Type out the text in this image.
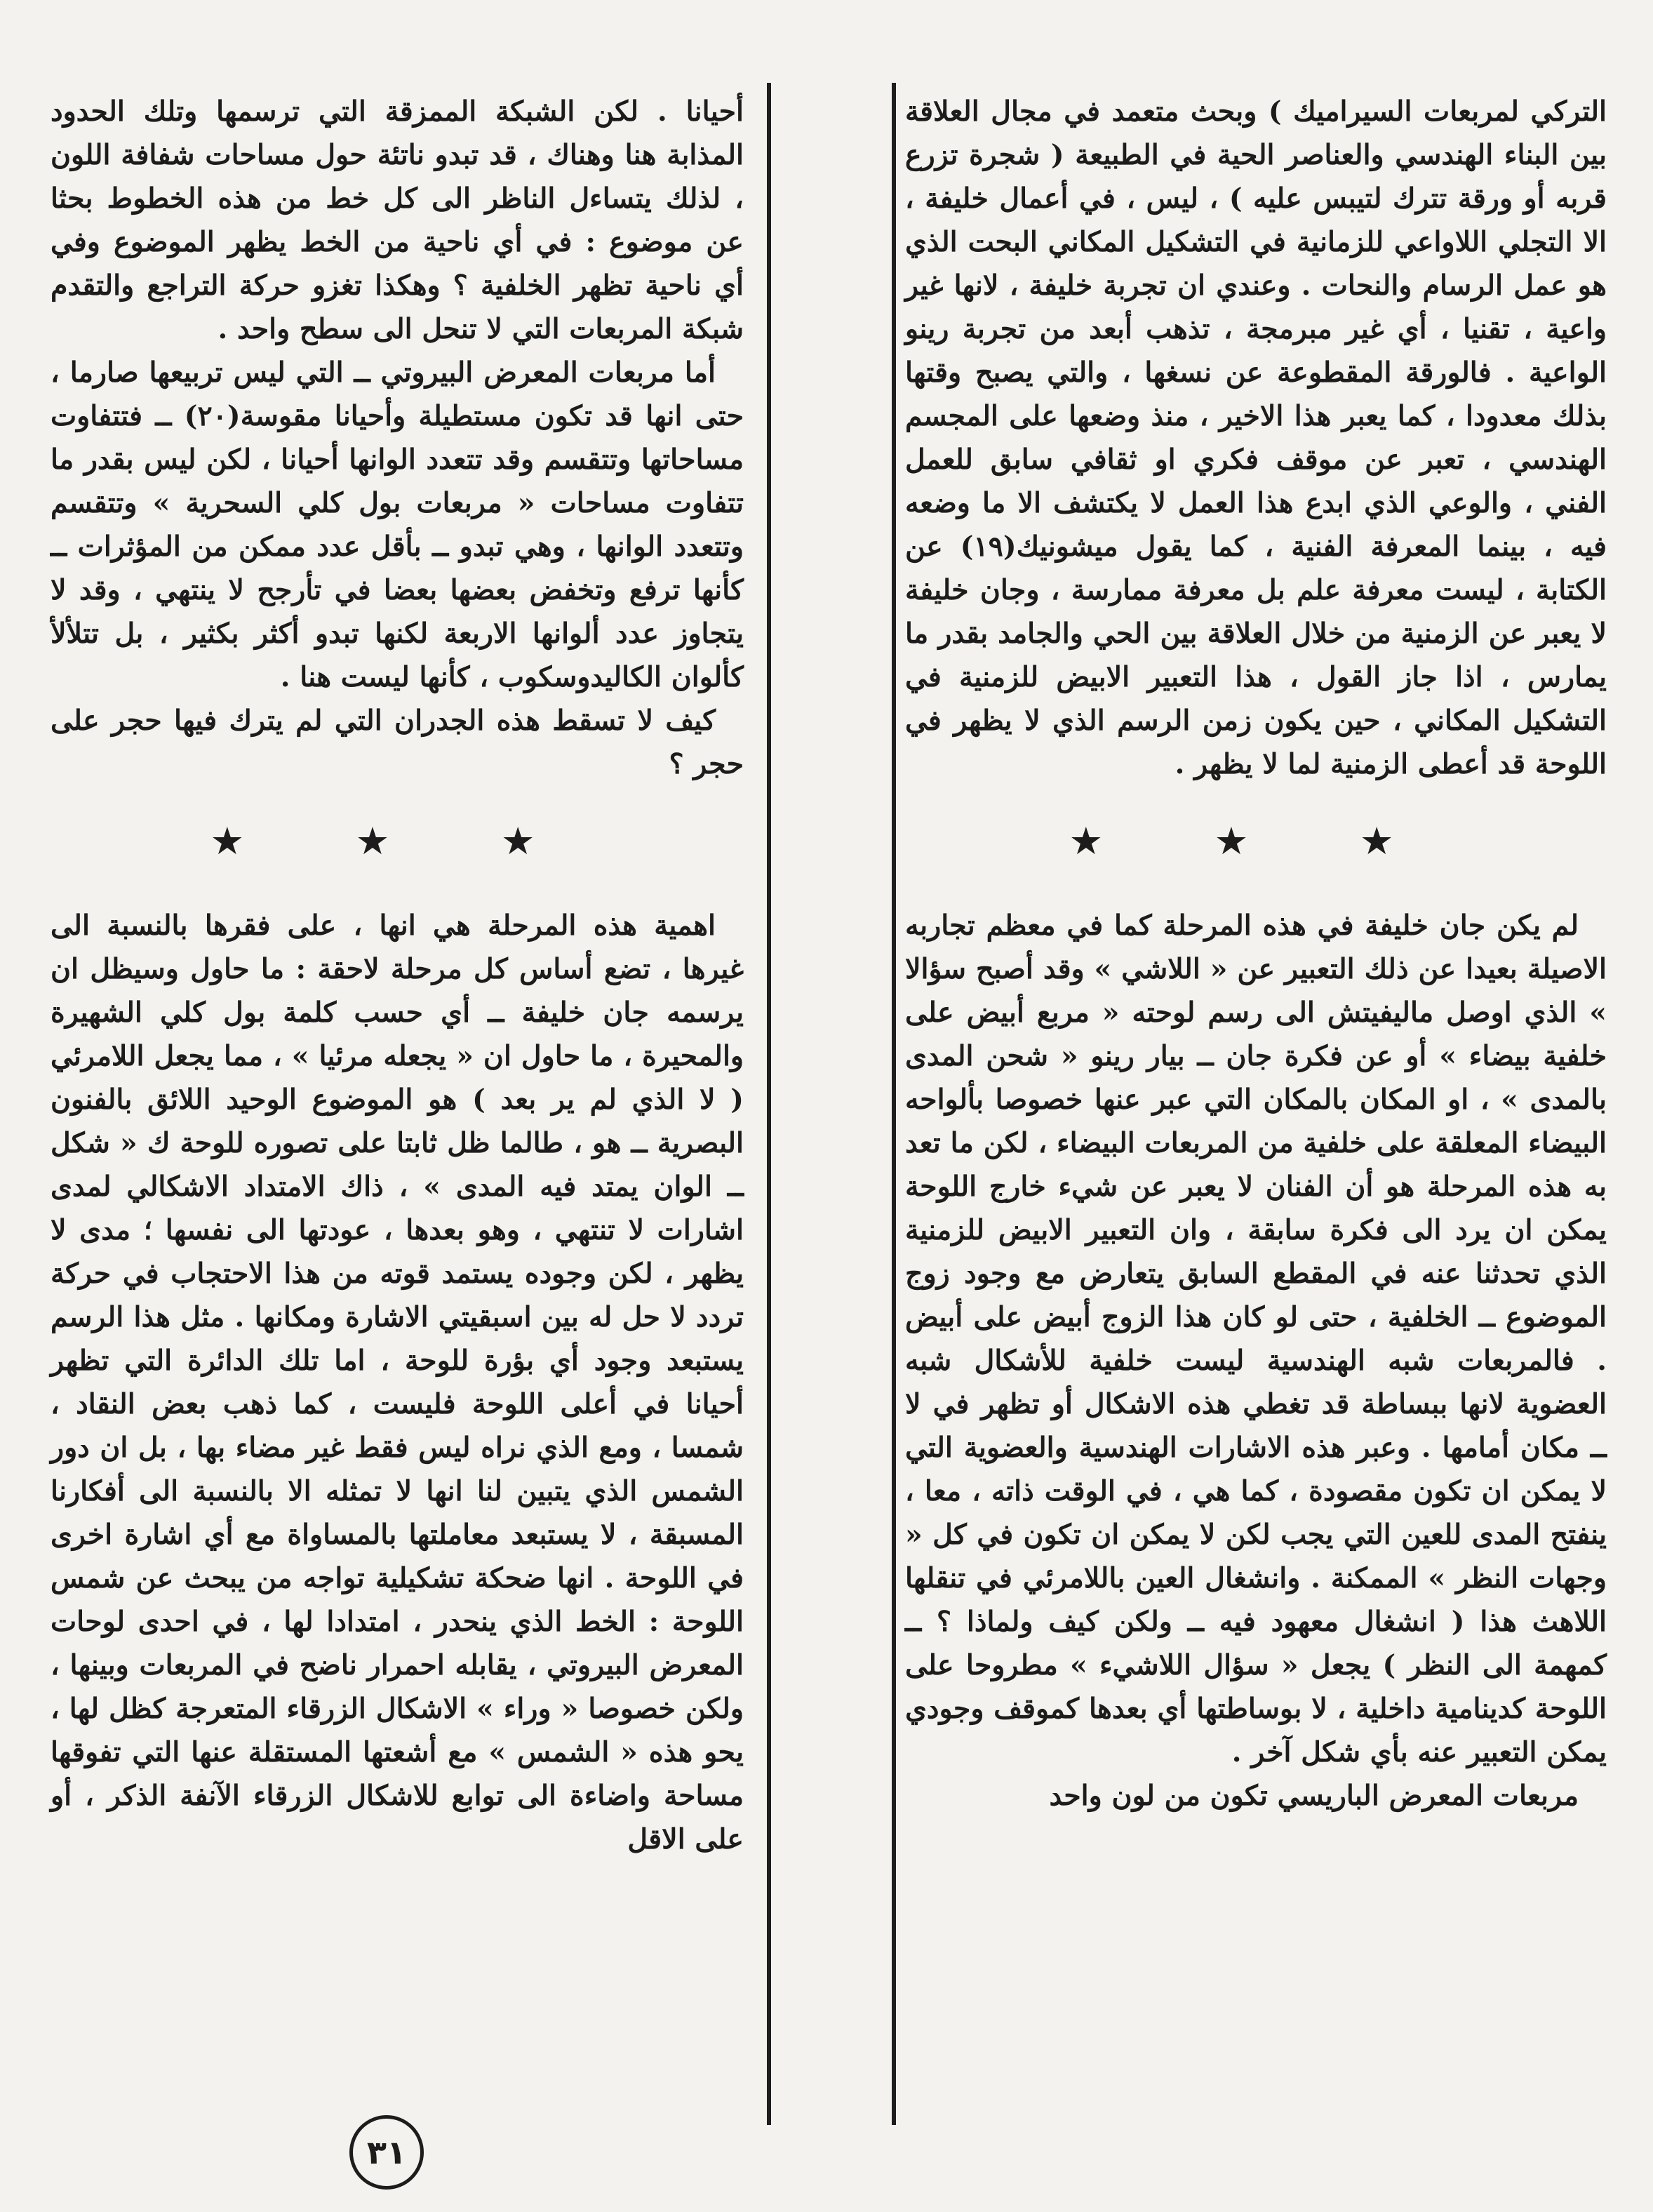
التركي لمربعات السيراميك ) وبحث متعمد في مجال العلاقة بين البناء الهندسي والعناصر الحية في الطبيعة ( شجرة تزرع قربه أو ورقة تترك لتيبس عليه ) ، ليس ، في أعمال خليفة ، الا التجلي اللاواعي للزمانية في التشكيل المكاني البحت الذي هو عمل الرسام والنحات . وعندي ان تجربة خليفة ، لانها غير واعية ، تقنيا ، أي غير مبرمجة ، تذهب أبعد من تجربة رينو الواعية . فالورقة المقطوعة عن نسغها ، والتي يصبح وقتها بذلك معدودا ، كما يعبر هذا الاخير ، منذ وضعها على المجسم الهندسي ، تعبر عن موقف فكري او ثقافي سابق للعمل الفني ، والوعي الذي ابدع هذا العمل لا يكتشف الا ما وضعه فيه ، بينما المعرفة الفنية ، كما يقول ميشونيك(١٩) عن الكتابة ، ليست معرفة علم بل معرفة ممارسة ، وجان خليفة لا يعبر عن الزمنية من خلال العلاقة بين الحي والجامد بقدر ما يمارس ، اذا جاز القول ، هذا التعبير الابيض للزمنية في التشكيل المكاني ، حين يكون زمن الرسم الذي لا يظهر في اللوحة قد أعطى الزمنية لما لا يظهر .

★ ★ ★

لم يكن جان خليفة في هذه المرحلة كما في معظم تجاربه الاصيلة بعيدا عن ذلك التعبير عن « اللاشي » وقد أصبح سؤالا » الذي اوصل ماليفيتش الى رسم لوحته « مربع أبيض على خلفية بيضاء » أو عن فكرة جان ــ بيار رينو « شحن المدى بالمدى » ، او المكان بالمكان التي عبر عنها خصوصا بألواحه البيضاء المعلقة على خلفية من المربعات البيضاء ، لكن ما تعد به هذه المرحلة هو أن الفنان لا يعبر عن شيء خارج اللوحة يمكن ان يرد الى فكرة سابقة ، وان التعبير الابيض للزمنية الذي تحدثنا عنه في المقطع السابق يتعارض مع وجود زوج الموضوع ــ الخلفية ، حتى لو كان هذا الزوج أبيض على أبيض . فالمربعات شبه الهندسية ليست خلفية للأشكال شبه العضوية لانها ببساطة قد تغطي هذه الاشكال أو تظهر في لا ــ مكان أمامها . وعبر هذه الاشارات الهندسية والعضوية التي لا يمكن ان تكون مقصودة ، كما هي ، في الوقت ذاته ، معا ، ينفتح المدى للعين التي يجب لكن لا يمكن ان تكون في كل « وجهات النظر » الممكنة . وانشغال العين باللامرئي في تنقلها اللاهث هذا ( انشغال معهود فيه ــ ولكن كيف ولماذا ؟ ــ كمهمة الى النظر ) يجعل « سؤال اللاشيء » مطروحا على اللوحة كدينامية داخلية ، لا بوساطتها أي بعدها كموقف وجودي يمكن التعبير عنه بأي شكل آخر .

مربعات المعرض الباريسي تكون من لون واحد

أحيانا . لكن الشبكة الممزقة التي ترسمها وتلك الحدود المذابة هنا وهناك ، قد تبدو ناتئة حول مساحات شفافة اللون ، لذلك يتساءل الناظر الى كل خط من هذه الخطوط بحثا عن موضوع : في أي ناحية من الخط يظهر الموضوع وفي أي ناحية تظهر الخلفية ؟ وهكذا تغزو حركة التراجع والتقدم شبكة المربعات التي لا تنحل الى سطح واحد .

أما مربعات المعرض البيروتي ــ التي ليس تربيعها صارما ، حتى انها قد تكون مستطيلة وأحيانا مقوسة(٢٠) ــ فتتفاوت مساحاتها وتتقسم وقد تتعدد الوانها أحيانا ، لكن ليس بقدر ما تتفاوت مساحات « مربعات بول كلي السحرية » وتتقسم وتتعدد الوانها ، وهي تبدو ــ بأقل عدد ممكن من المؤثرات ــ كأنها ترفع وتخفض بعضها بعضا في تأرجح لا ينتهي ، وقد لا يتجاوز عدد ألوانها الاربعة لكنها تبدو أكثر بكثير ، بل تتلألأ كألوان الكاليدوسكوب ، كأنها ليست هنا .

كيف لا تسقط هذه الجدران التي لم يترك فيها حجر على حجر ؟

★ ★ ★

اهمية هذه المرحلة هي انها ، على فقرها بالنسبة الى غيرها ، تضع أساس كل مرحلة لاحقة : ما حاول وسيظل ان يرسمه جان خليفة ــ أي حسب كلمة بول كلي الشهيرة والمحيرة ، ما حاول ان « يجعله مرئيا » ، مما يجعل اللامرئي ( لا الذي لم ير بعد ) هو الموضوع الوحيد اللائق بالفنون البصرية ــ هو ، طالما ظل ثابتا على تصوره للوحة ك « شكل ــ الوان يمتد فيه المدى » ، ذاك الامتداد الاشكالي لمدى اشارات لا تنتهي ، وهو بعدها ، عودتها الى نفسها ؛ مدى لا يظهر ، لكن وجوده يستمد قوته من هذا الاحتجاب في حركة تردد لا حل له بين اسبقيتي الاشارة ومكانها . مثل هذا الرسم يستبعد وجود أي بؤرة للوحة ، اما تلك الدائرة التي تظهر أحيانا في أعلى اللوحة فليست ، كما ذهب بعض النقاد ، شمسا ، ومع الذي نراه ليس فقط غير مضاء بها ، بل ان دور الشمس الذي يتبين لنا انها لا تمثله الا بالنسبة الى أفكارنا المسبقة ، لا يستبعد معاملتها بالمساواة مع أي اشارة اخرى في اللوحة . انها ضحكة تشكيلية تواجه من يبحث عن شمس اللوحة : الخط الذي ينحدر ، امتدادا لها ، في احدى لوحات المعرض البيروتي ، يقابله احمرار ناضح في المربعات وبينها ، ولكن خصوصا « وراء » الاشكال الزرقاء المتعرجة كظل لها ، يحو هذه « الشمس » مع أشعتها المستقلة عنها التي تفوقها مساحة واضاءة الى توابع للاشكال الزرقاء الآنفة الذكر ، أو على الاقل

٣١
